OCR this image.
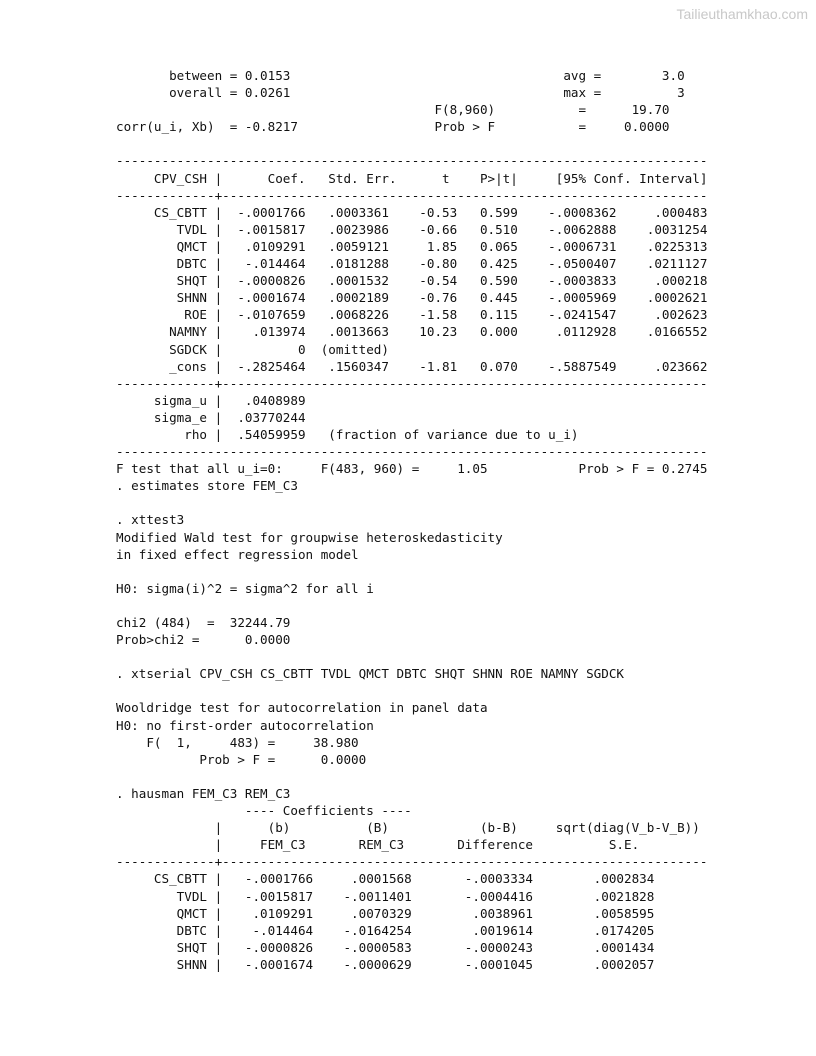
Tailieuthamkhao.com
between = 0.0153                                    avg =        3.0
overall = 0.0261                                    max =          3
F(8,960)           =      19.70
corr(u_i, Xb)  = -0.8217                  Prob > F           =     0.0000
------------------------------------------------------------------------------
CPV_CSH |      Coef.   Std. Err.      t    P>|t|     [95% Conf. Interval]
-------------+----------------------------------------------------------------
CS_CBTT |  -.0001766   .0003361    -0.53   0.599    -.0008362     .000483
TVDL |  -.0015817   .0023986    -0.66   0.510    -.0062888    .0031254
QMCT |   .0109291   .0059121     1.85   0.065    -.0006731    .0225313
DBTC |   -.014464   .0181288    -0.80   0.425    -.0500407    .0211127
SHQT |  -.0000826   .0001532    -0.54   0.590    -.0003833     .000218
SHNN |  -.0001674   .0002189    -0.76   0.445    -.0005969    .0002621
ROE |  -.0107659   .0068226    -1.58   0.115    -.0241547     .002623
NAMNY |    .013974   .0013663    10.23   0.000     .0112928    .0166552
SGDCK |          0  (omitted)
_cons |  -.2825464   .1560347    -1.81   0.070    -.5887549     .023662
-------------+----------------------------------------------------------------
sigma_u |   .0408989
sigma_e |  .03770244
rho |  .54059959   (fraction of variance due to u_i)
------------------------------------------------------------------------------
F test that all u_i=0:     F(483, 960) =     1.05            Prob > F = 0.2745
. estimates store FEM_C3
. xttest3
Modified Wald test for groupwise heteroskedasticity
in fixed effect regression model
H0: sigma(i)^2 = sigma^2 for all i
chi2 (484)  =  32244.79
Prob>chi2 =      0.0000
. xtserial CPV_CSH CS_CBTT TVDL QMCT DBTC SHQT SHNN ROE NAMNY SGDCK
Wooldridge test for autocorrelation in panel data
H0: no first-order autocorrelation
F(  1,     483) =     38.980
Prob > F =      0.0000
. hausman FEM_C3 REM_C3
---- Coefficients ----
|      (b)          (B)            (b-B)     sqrt(diag(V_b-V_B))
|     FEM_C3       REM_C3       Difference          S.E.
-------------+----------------------------------------------------------------
CS_CBTT |   -.0001766     .0001568       -.0003334        .0002834
TVDL |   -.0015817    -.0011401       -.0004416        .0021828
QMCT |    .0109291     .0070329        .0038961        .0058595
DBTC |    -.014464    -.0164254        .0019614        .0174205
SHQT |   -.0000826    -.0000583       -.0000243        .0001434
SHNN |   -.0001674    -.0000629       -.0001045        .0002057
